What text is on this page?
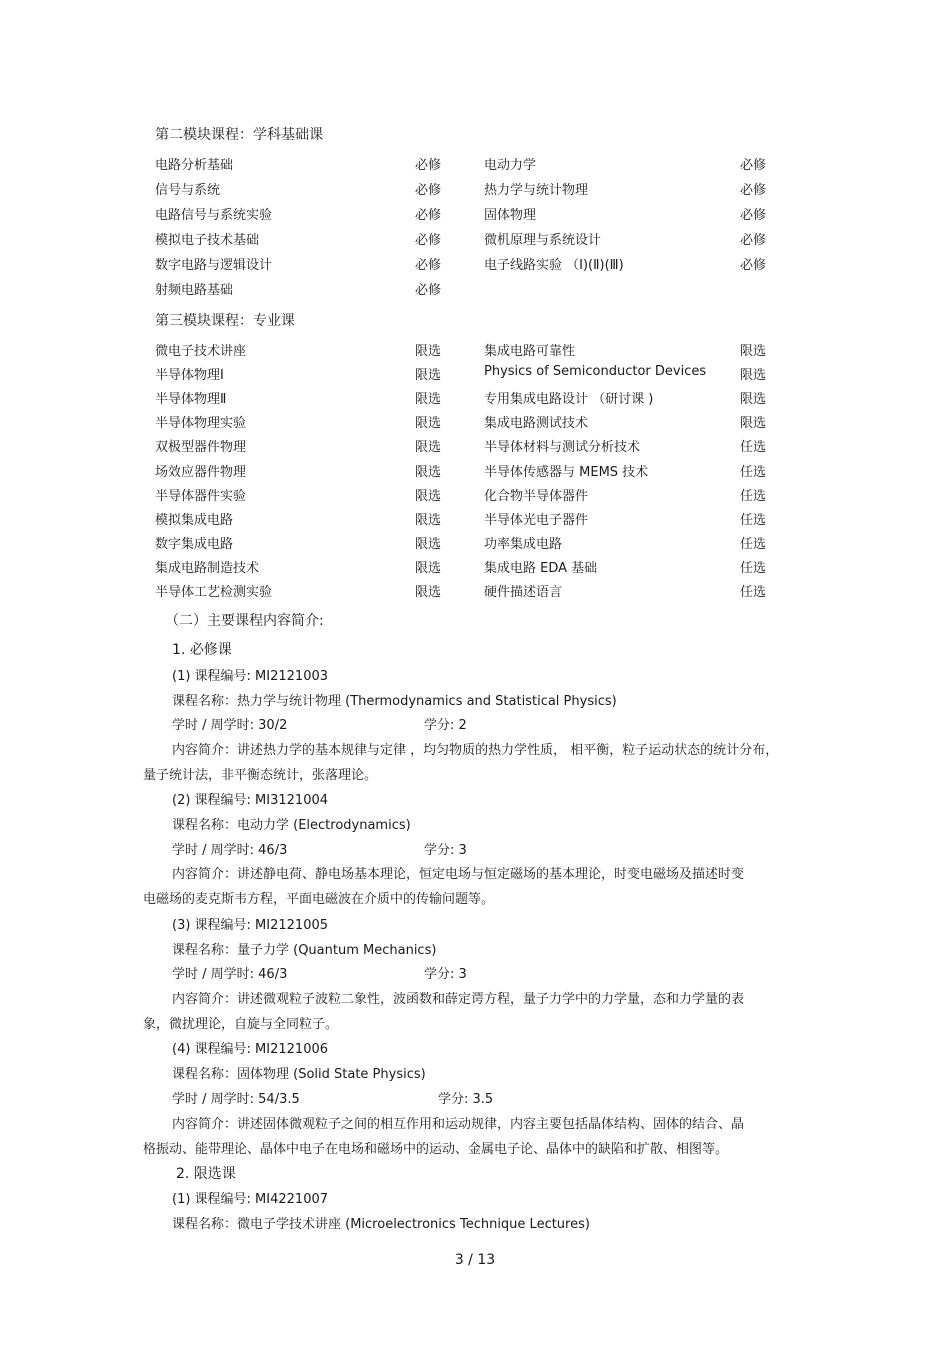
第二模块课程：学科基础课
电路分析基础	必修	电动力学	必修
信号与系统	必修	热力学与统计物理	必修
电路信号与系统实验	必修	固体物理	必修
模拟电子技术基础	必修	微机原理与系统设计	必修
数字电路与逻辑设计	必修	电子线路实验 （Ⅰ)(Ⅱ)(Ⅲ)	必修
射频电路基础	必修
第三模块课程：专业课
微电子技术讲座	限选	集成电路可靠性	限选
半导体物理Ⅰ	限选	Physics of Semiconductor Devices	限选
半导体物理Ⅱ	限选	专用集成电路设计 （研讨课 )	限选
半导体物理实验	限选	集成电路测试技术	限选
双极型器件物理	限选	半导体材料与测试分析技术	任选
场效应器件物理	限选	半导体传感器与 MEMS 技术	任选
半导体器件实验	限选	化合物半导体器件	任选
模拟集成电路	限选	半导体光电子器件	任选
数字集成电路	限选	功率集成电路	任选
集成电路制造技术	限选	集成电路 EDA 基础	任选
半导体工艺检测实验	限选	硬件描述语言	任选
（二）主要课程内容简介:
1. 必修课
(1) 课程编号: MI2121003
课程名称：热力学与统计物理 (Thermodynamics and Statistical Physics)
学时 / 周学时: 30/2	学分: 2
内容简介：讲述热力学的基本规律与定律 ，均匀物质的热力学性质， 相平衡，粒子运动状态的统计分布，
量子统计法，非平衡态统计，张落理论。
(2) 课程编号: MI3121004
课程名称：电动力学 (Electrodynamics)
学时 / 周学时: 46/3	学分: 3
内容简介：讲述静电荷、静电场基本理论，恒定电场与恒定磁场的基本理论，时变电磁场及描述时变
电磁场的麦克斯韦方程，平面电磁波在介质中的传输问题等。
(3) 课程编号: MI2121005
课程名称：量子力学 (Quantum Mechanics)
学时 / 周学时: 46/3	学分: 3
内容简介：讲述微观粒子波粒二象性，波函数和薛定谔方程，量子力学中的力学量，态和力学量的表
象，微扰理论，自旋与全同粒子。
(4) 课程编号: MI2121006
课程名称：固体物理 (Solid State Physics)
学时 / 周学时: 54/3.5	学分: 3.5
内容简介：讲述固体微观粒子之间的相互作用和运动规律，内容主要包括晶体结构、固体的结合、晶
格振动、能带理论、晶体中电子在电场和磁场中的运动、金属电子论、晶体中的缺陷和扩散、相图等。
2. 限选课
(1) 课程编号: MI4221007
课程名称：微电子学技术讲座 (Microelectronics Technique Lectures)
3 / 13
